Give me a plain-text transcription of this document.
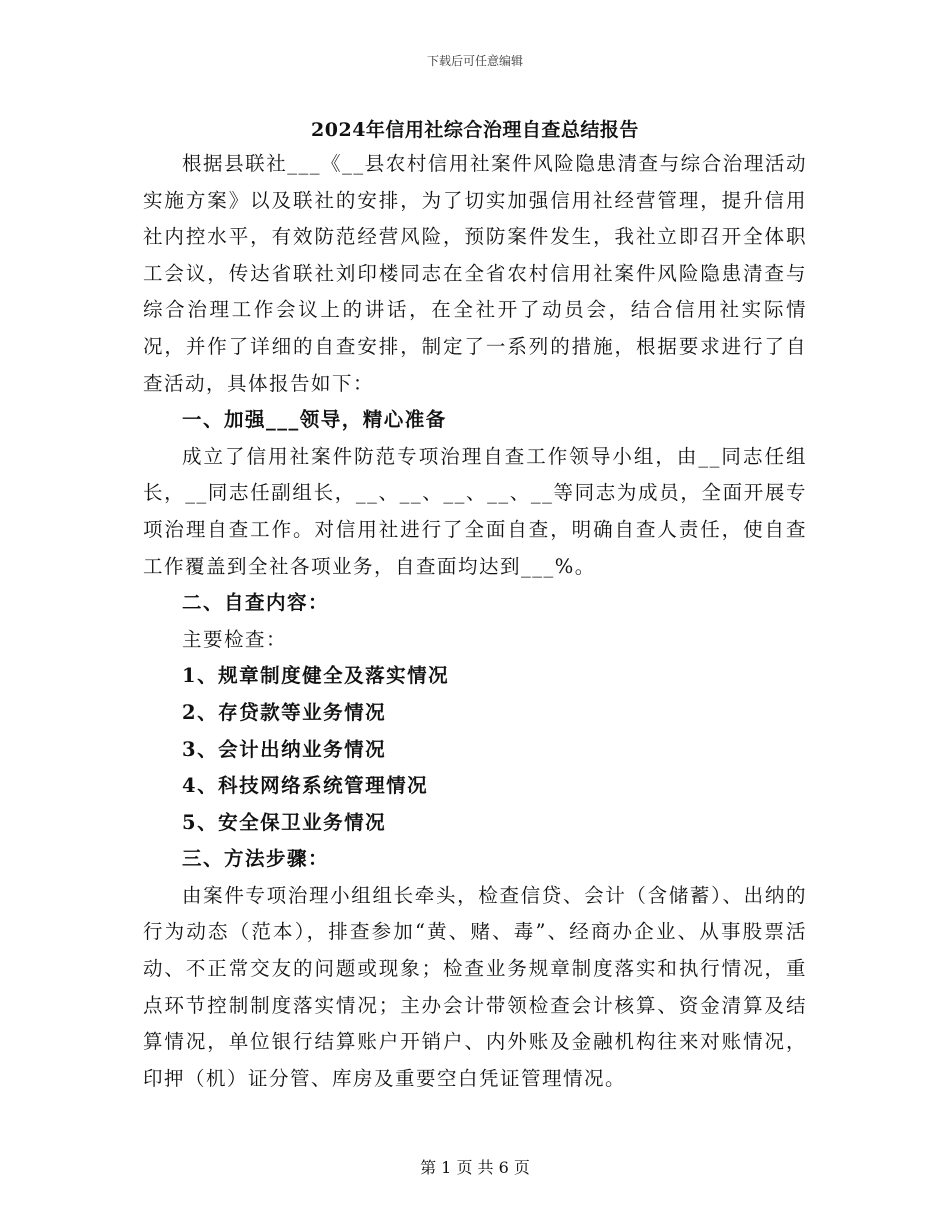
下载后可任意编辑
2024年信用社综合治理自查总结报告

根据县联社___《__县农村信用社案件风险隐患清查与综合治理活动实施方案》以及联社的安排，为了切实加强信用社经营管理，提升信用社内控水平，有效防范经营风险，预防案件发生，我社立即召开全体职工会议，传达省联社刘印楼同志在全省农村信用社案件风险隐患清查与综合治理工作会议上的讲话，在全社开了动员会，结合信用社实际情况，并作了详细的自查安排，制定了一系列的措施，根据要求进行了自查活动，具体报告如下：

一、加强___领导，精心准备

成立了信用社案件防范专项治理自查工作领导小组，由__同志任组长，__同志任副组长，__、__、__、__、__等同志为成员，全面开展专项治理自查工作。对信用社进行了全面自查，明确自查人责任，使自查工作覆盖到全社各项业务，自查面均达到___%。

二、自查内容：

主要检查：

1、规章制度健全及落实情况

2、存贷款等业务情况

3、会计出纳业务情况

4、科技网络系统管理情况

5、安全保卫业务情况

三、方法步骤：

由案件专项治理小组组长牵头，检查信贷、会计（含储蓄）、出纳的行为动态（范本），排查参加“黄、赌、毒”、经商办企业、从事股票活动、不正常交友的问题或现象；检查业务规章制度落实和执行情况，重点环节控制制度落实情况；主办会计带领检查会计核算、资金清算及结算情况，单位银行结算账户开销户、内外账及金融机构往来对账情况，印押（机）证分管、库房及重要空白凭证管理情况。

第 1 页 共 6 页
